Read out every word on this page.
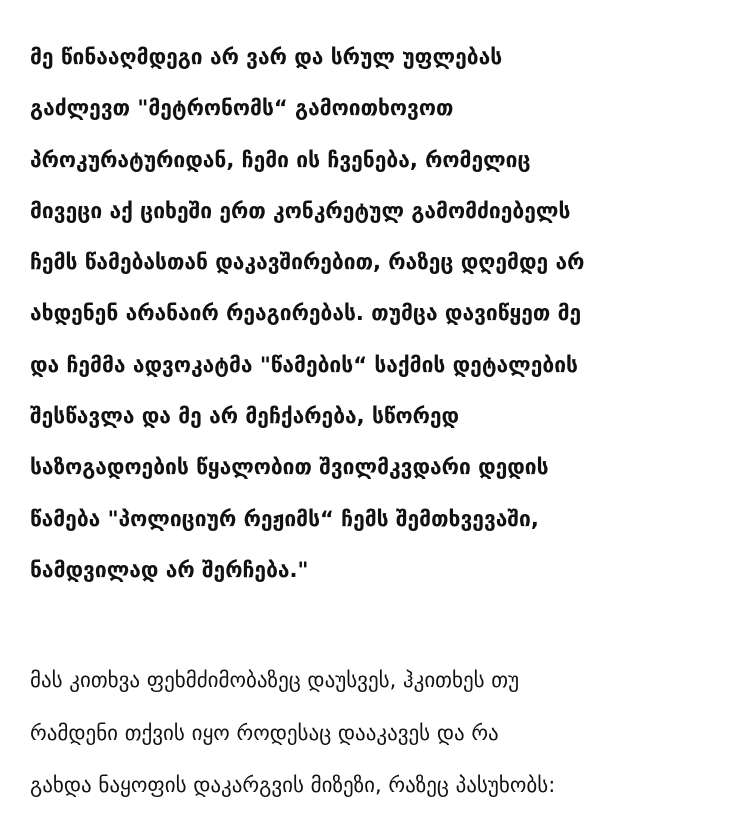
მე წინააღმდეგი არ ვარ და სრულ უფლებას
გაძლევთ "მეტრონომს“ გამოითხოვოთ
პროკურატურიდან, ჩემი ის ჩვენება, რომელიც
მივეცი აქ ციხეში ერთ კონკრეტულ გამომძიებელს
ჩემს წამებასთან დაკავშირებით, რაზეც დღემდე არ
ახდენენ არანაირ რეაგირებას. თუმცა დავიწყეთ მე
და ჩემმა ადვოკატმა "წამების“ საქმის დეტალების
შესწავლა და მე არ მეჩქარება, სწორედ
საზოგადოების წყალობით შვილმკვდარი დედის
წამება "პოლიციურ რეჟიმს“ ჩემს შემთხვევაში,
ნამდვილად არ შერჩება."
მას კითხვა ფეხმძიმობაზეც დაუსვეს, ჰკითხეს თუ
რამდენი თქვის იყო როდესაც დააკავეს და რა
გახდა ნაყოფის დაკარგვის მიზეზი, რაზეც პასუხობს:
